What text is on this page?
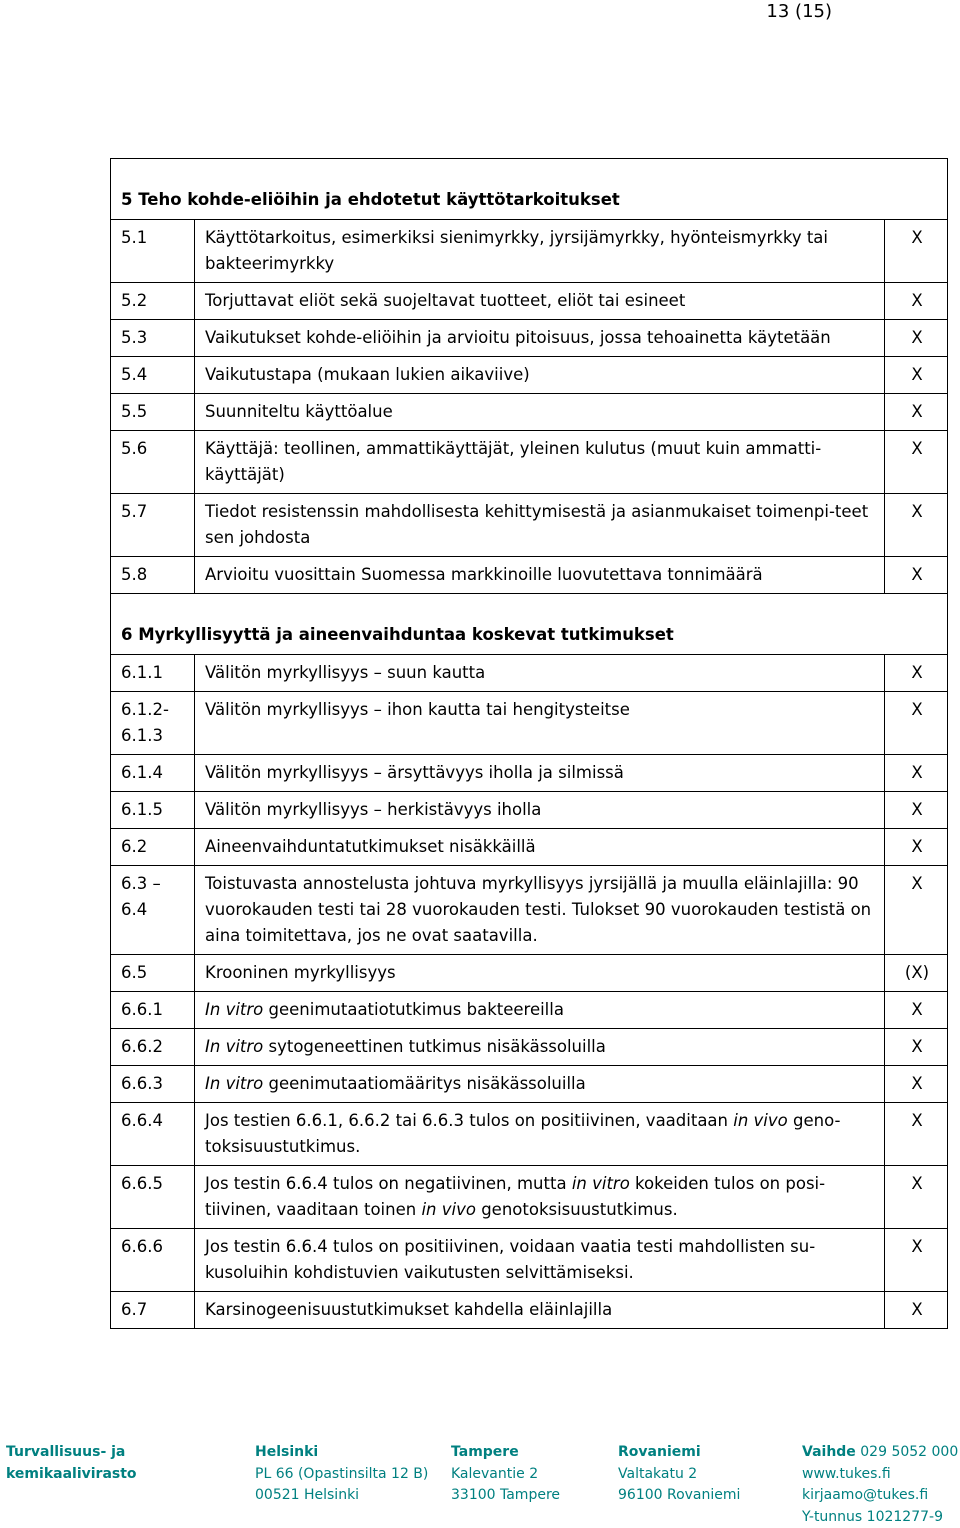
13 (15)
5 Teho kohde-eliöihin ja ehdotetut käyttötarkoitukset		
5.1	Käyttötarkoitus, esimerkiksi sienimyrkky, jyrsijämyrkky, hyönteismyrkky tai bakteerimyrkky	X
5.2	Torjuttavat eliöt sekä suojeltavat tuotteet, eliöt tai esineet	X
5.3	Vaikutukset kohde-eliöihin ja arvioitu pitoisuus, jossa tehoainetta käytetään	X
5.4	Vaikutustapa (mukaan lukien aikaviive)	X
5.5	Suunniteltu käyttöalue	X
5.6	Käyttäjä: teollinen, ammattikäyttäjät, yleinen kulutus (muut kuin ammatti-käyttäjät)	X
5.7	Tiedot resistenssin mahdollisesta kehittymisestä ja asianmukaiset toimenpi-teet sen johdosta	X
5.8	Arvioitu vuosittain Suomessa markkinoille luovutettava tonnimäärä	X
6 Myrkyllisyyttä ja aineenvaihduntaa koskevat tutkimukset		
6.1.1	Välitön myrkyllisyys – suun kautta	X
6.1.2-6.1.3	Välitön myrkyllisyys – ihon kautta tai hengitysteitse	X
6.1.4	Välitön myrkyllisyys – ärsyttävyys iholla ja silmissä	X
6.1.5	Välitön myrkyllisyys – herkistävyys iholla	X
6.2	Aineenvaihduntatutkimukset nisäkkäillä	X
6.3 – 6.4	Toistuvasta annostelusta johtuva myrkyllisyys jyrsijällä ja muulla eläinlajilla: 90 vuorokauden testi tai 28 vuorokauden testi. Tulokset 90 vuorokauden testistä on aina toimitettava, jos ne ovat saatavilla.	X
6.5	Krooninen myrkyllisyys	(X)
6.6.1	In vitro geenimutaatiotutkimus bakteereilla	X
6.6.2	In vitro sytogeneettinen tutkimus nisäkässoluilla	X
6.6.3	In vitro geenimutaatiomääritys nisäkässoluilla	X
6.6.4	Jos testien 6.6.1, 6.6.2 tai 6.6.3 tulos on positiivinen, vaaditaan in vivo geno-toksisuustutkimus.	X
6.6.5	Jos testin 6.6.4 tulos on negatiivinen, mutta in vitro kokeiden tulos on posi-tiivinen, vaaditaan toinen in vivo genotoksisuustutkimus.	X
6.6.6	Jos testin 6.6.4 tulos on positiivinen, voidaan vaatia testi mahdollisten su-kusoluihin kohdistuvien vaikutusten selvittämiseksi.	X
6.7	Karsinogeenisuustutkimukset kahdella eläinlajilla	X
Turvallisuus- ja
kemikaalivirasto
Helsinki
PL 66 (Opastinsilta 12 B)
00521 Helsinki
Tampere
Kalevantie 2
33100 Tampere
Rovaniemi
Valtakatu 2
96100 Rovaniemi
Vaihde 029 5052 000
www.tukes.fi
kirjaamo@tukes.fi
Y-tunnus 1021277-9
